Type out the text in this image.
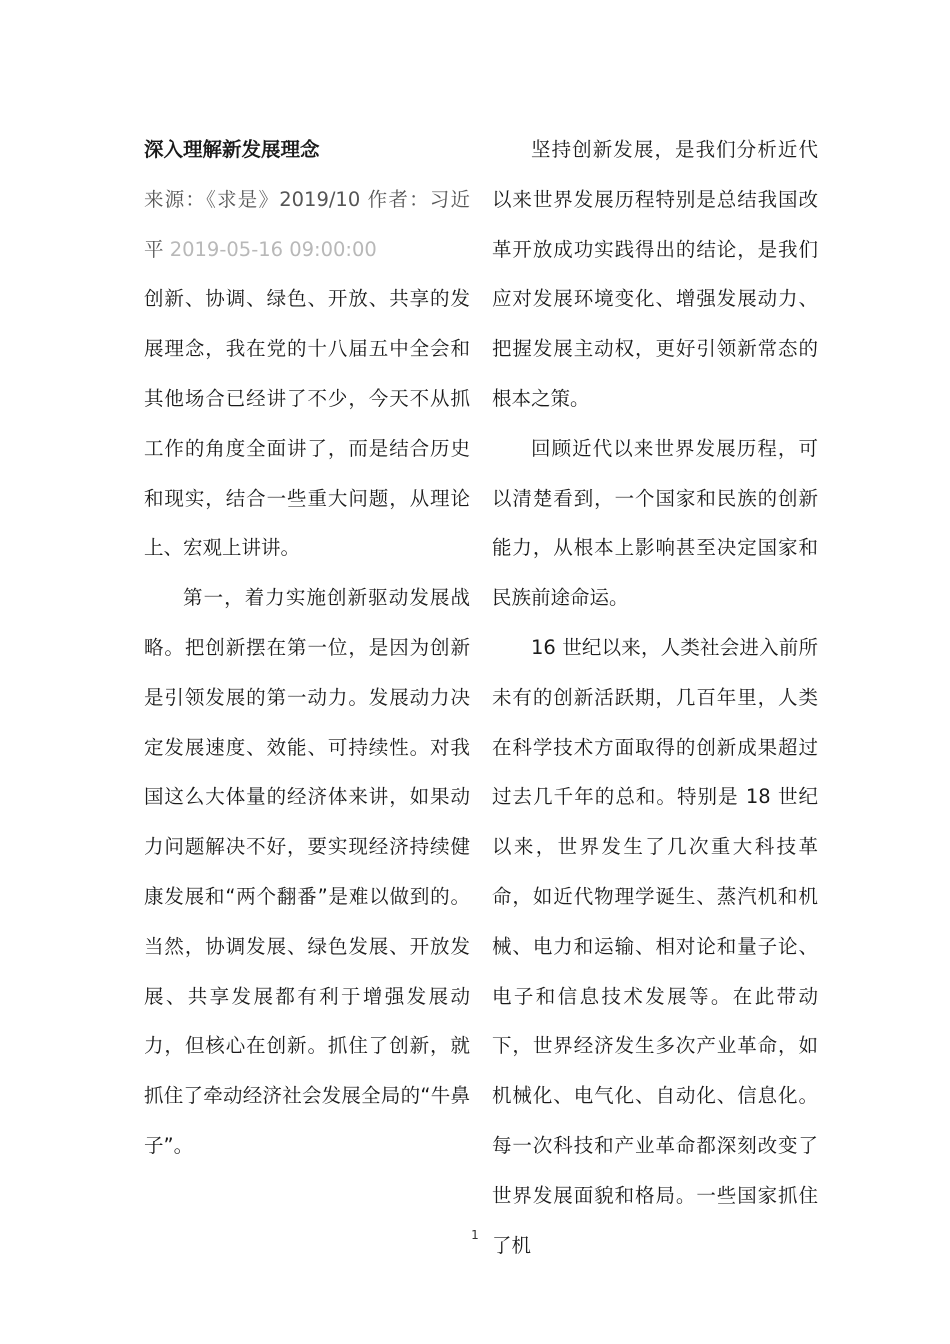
深入理解新发展理念

来源：《求是》2019/10 作者：习近平 2019-05-16 09:00:00

创新、协调、绿色、开放、共享的发展理念，我在党的十八届五中全会和其他场合已经讲了不少，今天不从抓工作的角度全面讲了，而是结合历史和现实，结合一些重大问题，从理论上、宏观上讲讲。

第一，着力实施创新驱动发展战略。把创新摆在第一位，是因为创新是引领发展的第一动力。发展动力决定发展速度、效能、可持续性。对我国这么大体量的经济体来讲，如果动力问题解决不好，要实现经济持续健康发展和“两个翻番”是难以做到的。当然，协调发展、绿色发展、开放发展、共享发展都有利于增强发展动力，但核心在创新。抓住了创新，就抓住了牵动经济社会发展全局的“牛鼻子”。

坚持创新发展，是我们分析近代以来世界发展历程特别是总结我国改革开放成功实践得出的结论，是我们应对发展环境变化、增强发展动力、把握发展主动权，更好引领新常态的根本之策。

回顾近代以来世界发展历程，可以清楚看到，一个国家和民族的创新能力，从根本上影响甚至决定国家和民族前途命运。

16 世纪以来，人类社会进入前所未有的创新活跃期，几百年里，人类在科学技术方面取得的创新成果超过过去几千年的总和。特别是 18 世纪以来，世界发生了几次重大科技革命，如近代物理学诞生、蒸汽机和机械、电力和运输、相对论和量子论、电子和信息技术发展等。在此带动下，世界经济发生多次产业革命，如机械化、电气化、自动化、信息化。每一次科技和产业革命都深刻改变了世界发展面貌和格局。一些国家抓住了机

1
